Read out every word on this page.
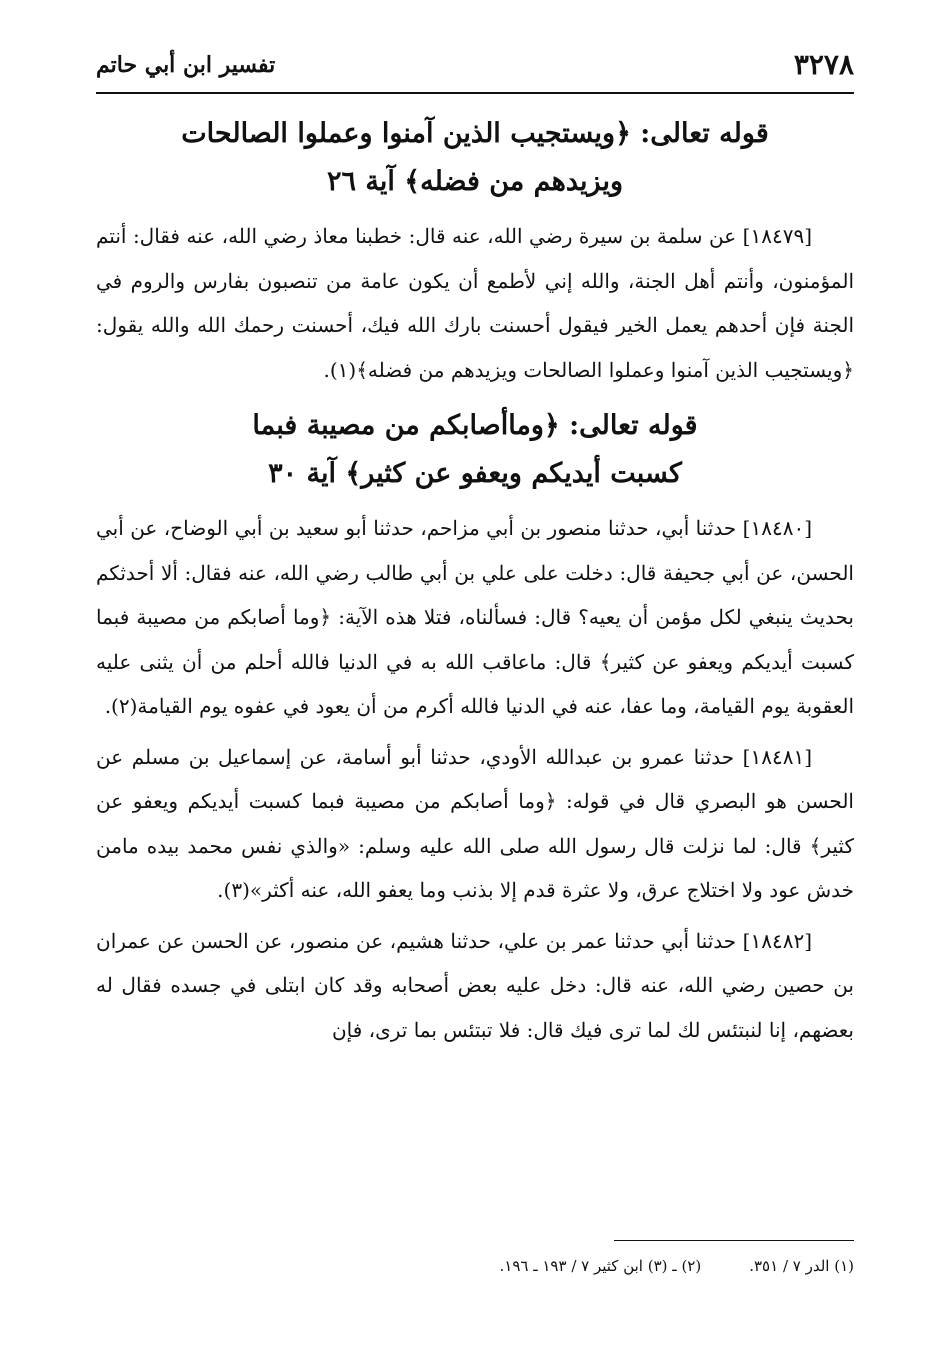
٣٢٧٨
تفسير ابن أبي حاتم
قوله تعالى: ﴿ويستجيب الذين آمنوا وعملوا الصالحات
ويزيدهم من فضله﴾ آية ٢٦

[١٨٤٧٩] عن سلمة بن سيرة رضي الله، عنه قال: خطبنا معاذ رضي الله، عنه فقال: أنتم المؤمنون، وأنتم أهل الجنة، والله إني لأطمع أن يكون عامة من تنصبون بفارس والروم في الجنة فإن أحدهم يعمل الخير فيقول أحسنت بارك الله فيك، أحسنت رحمك الله والله يقول: ﴿ويستجيب الذين آمنوا وعملوا الصالحات ويزيدهم من فضله﴾(١).

قوله تعالى: ﴿وماأصابكم من مصيبة فبما
كسبت أيديكم ويعفو عن كثير﴾ آية ٣٠

[١٨٤٨٠] حدثنا أبي، حدثنا منصور بن أبي مزاحم، حدثنا أبو سعيد بن أبي الوضاح، عن أبي الحسن، عن أبي جحيفة قال: دخلت على علي بن أبي طالب رضي الله، عنه فقال: ألا أحدثكم بحديث ينبغي لكل مؤمن أن يعيه؟ قال: فسألناه، فتلا هذه الآية: ﴿وما أصابكم من مصيبة فبما كسبت أيديكم ويعفو عن كثير﴾ قال: ماعاقب الله به في الدنيا فالله أحلم من أن يثنى عليه العقوبة يوم القيامة، وما عفا، عنه في الدنيا فالله أكرم من أن يعود في عفوه يوم القيامة(٢).

[١٨٤٨١] حدثنا عمرو بن عبدالله الأودي، حدثنا أبو أسامة، عن إسماعيل بن مسلم عن الحسن هو البصري قال في قوله: ﴿وما أصابكم من مصيبة فبما كسبت أيديكم ويعفو عن كثير﴾ قال: لما نزلت قال رسول الله صلى الله عليه وسلم: «والذي نفس محمد بيده مامن خدش عود ولا اختلاج عرق، ولا عثرة قدم إلا بذنب وما يعفو الله، عنه أكثر»(٣).

[١٨٤٨٢] حدثنا أبي حدثنا عمر بن علي، حدثنا هشيم، عن منصور، عن الحسن عن عمران بن حصين رضي الله، عنه قال: دخل عليه بعض أصحابه وقد كان ابتلى في جسده فقال له بعضهم، إنا لنبتئس لك لما ترى فيك قال: فلا تبتئس بما ترى، فإن

(١) الدر ٧ / ٣٥١.
(٢) ـ (٣) ابن كثير ٧ / ١٩٣ ـ ١٩٦.
